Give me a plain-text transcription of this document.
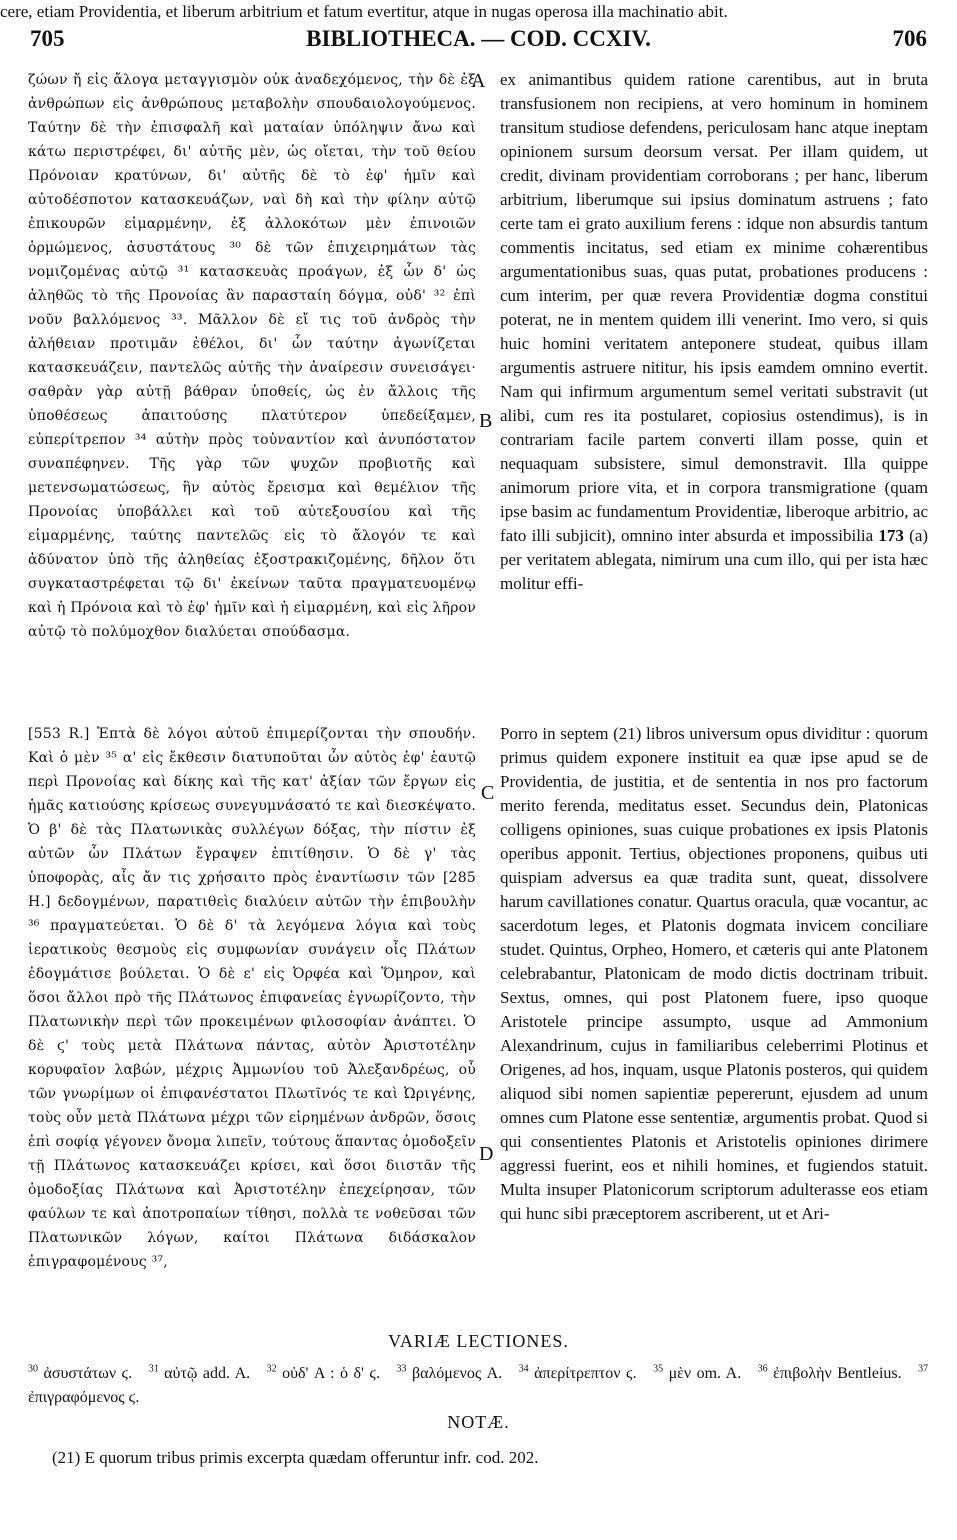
705	BIBLIOTHECA. — COD. CCXIV.	706
A
B
C
D

ζώων ἤ εἰς ἄλογα μεταγγισμὸν οὐκ ἀναδεχόμενος, τὴν δὲ ἐξ ἀνθρώπων εἰς ἀνθρώπους μεταβολὴν σπουδαιολογούμενος. Ταύτην δὲ τὴν ἐπισφαλῆ καὶ ματαίαν ὑπόληψιν ἄνω καὶ κάτω περιστρέφει, δι' αὐτῆς μὲν, ὡς οἴεται, τὴν τοῦ θείου Πρόνοιαν κρατύνων, δι' αὐτῆς δὲ τὸ ἐφ' ἡμῖν καὶ αὐτοδέσποτον κατασκευάζων, ναὶ δὴ καὶ τὴν φίλην αὐτῷ ἐπικουρῶν εἱμαρμένην, ἐξ ἀλλοκότων μὲν ἐπινοιῶν ὁρμώμενος, ἀσυστάτους ³⁰ δὲ τῶν ἐπιχειρημάτων τὰς νομιζομένας αὐτῷ ³¹ κατασκευὰς προάγων, ἐξ ὧν δ' ὡς ἀληθῶς τὸ τῆς Προνοίας ἂν παρασταίη δόγμα, οὐδ' ³² ἐπὶ νοῦν βαλλόμενος ³³. Μᾶλλον δὲ εἴ τις τοῦ ἀνδρὸς τὴν ἀλήθειαν προτιμᾶν ἐθέλοι, δι' ὧν ταύτην ἀγωνίζεται κατασκευάζειν, παντελῶς αὐτῆς τὴν ἀναίρεσιν συνεισάγει· σαθρὰν γὰρ αὐτῇ βάθραν ὑποθείς, ὡς ἐν ἄλλοις τῆς ὑποθέσεως ἀπαιτούσης πλατύτερον ὑπεδείξαμεν, εὐπερίτρεπον ³⁴ αὐτὴν πρὸς τοὐναντίον καὶ ἀνυπόστατον συναπέφηνεν. Τῆς γὰρ τῶν ψυχῶν προβιοτῆς καὶ μετενσωματώσεως, ἣν αὐτὸς ἔρεισμα καὶ θεμέλιον τῆς Προνοίας ὑποβάλλει καὶ τοῦ αὐτεξουσίου καὶ τῆς εἱμαρμένης, ταύτης παντελῶς εἰς τὸ ἄλογόν τε καὶ ἀδύνατον ὑπὸ τῆς ἀληθείας ἐξοστρακιζομένης, δῆλον ὅτι συγκαταστρέφεται τῷ δι' ἐκείνων ταῦτα πραγματευομένῳ καὶ ἡ Πρόνοια καὶ τὸ ἐφ' ἡμῖν καὶ ἡ εἱμαρμένη, καὶ εἰς λῆρον αὐτῷ τὸ πολύμοχθον διαλύεται σπούδασμα.

ex animantibus quidem ratione carentibus, aut in bruta transfusionem non recipiens, at vero hominum in hominem transitum studiose defendens, periculosam hanc atque ineptam opinionem sursum deorsum versat. Per illam quidem, ut credit, divinam providentiam corroborans ; per hanc, liberum arbitrium, liberumque sui ipsius dominatum astruens ; fato certe tam ei grato auxilium ferens : idque non absurdis tantum commentis incitatus, sed etiam ex minime cohærentibus argumentationibus suas, quas putat, probationes producens : cum interim, per quæ revera Providentiæ dogma constitui poterat, ne in mentem quidem illi venerint. Imo vero, si quis huic homini veritatem anteponere studeat, quibus illam argumentis astruere nititur, his ipsis eamdem omnino evertit. Nam qui infirmum argumentum semel veritati substravit (ut alibi, cum res ita postularet, copiosius ostendimus), is in contrariam facile partem converti illam posse, quin et nequaquam subsistere, simul demonstravit. Illa quippe animorum priore vita, et in corpora transmigratione (quam ipse basim ac fundamentum Providentiæ, liberoque arbitrio, ac fato illi subjicit), omnino inter absurda et impossibilia 173 (a) per veritatem ablegata, nimirum una cum illo, qui per ista hæc molitur effi-

cere, etiam Providentia, et liberum arbitrium et fatum evertitur, atque in nugas operosa illa machinatio abit.

[553 R.] Ἑπτὰ δὲ λόγοι αὐτοῦ ἐπιμερίζονται τὴν σπουδήν. Καὶ ὁ μὲν ³⁵ α' εἰς ἔκθεσιν διατυποῦται ὧν αὐτὸς ἐφ' ἑαυτῷ περὶ Προνοίας καὶ δίκης καὶ τῆς κατ' ἀξίαν τῶν ἔργων εἰς ἡμᾶς κατιούσης κρίσεως συνεγυμνάσατό τε καὶ διεσκέψατο. Ὁ β' δὲ τὰς Πλατωνικὰς συλλέγων δόξας, τὴν πίστιν ἐξ αὐτῶν ὧν Πλάτων ἔγραψεν ἐπιτίθησιν. Ὁ δὲ γ' τὰς ὑποφορὰς, αἷς ἄν τις χρήσαιτο πρὸς ἐναντίωσιν τῶν [285 Η.] δεδογμένων, παρατιθεὶς διαλύειν αὐτῶν τὴν ἐπιβουλὴν ³⁶ πραγματεύεται. Ὁ δὲ δ' τὰ λεγόμενα λόγια καὶ τοὺς ἱερατικοὺς θεσμοὺς εἰς συμφωνίαν συνάγειν οἷς Πλάτων ἐδογμάτισε βούλεται. Ὁ δὲ ε' εἰς Ὀρφέα καὶ Ὅμηρον, καὶ ὅσοι ἄλλοι πρὸ τῆς Πλάτωνος ἐπιφανείας ἐγνωρίζοντο, τὴν Πλατωνικὴν περὶ τῶν προκειμένων φιλοσοφίαν ἀνάπτει. Ὁ δὲ ϛ' τοὺς μετὰ Πλάτωνα πάντας, αὐτὸν Ἀριστοτέλην κορυφαῖον λαβών, μέχρις Ἀμμωνίου τοῦ Ἀλεξανδρέως, οὗ τῶν γνωρίμων οἱ ἐπιφανέστατοι Πλωτῖνός τε καὶ Ὠριγένης, τοὺς οὖν μετὰ Πλάτωνα μέχρι τῶν εἰρημένων ἀνδρῶν, ὅσοις ἐπὶ σοφίᾳ γέγονεν ὄνομα λιπεῖν, τούτους ἅπαντας ὁμοδοξεῖν τῇ Πλάτωνος κατασκευάζει κρίσει, καὶ ὅσοι διιστᾶν τῆς ὁμοδοξίας Πλάτωνα καὶ Ἀριστοτέλην ἐπεχείρησαν, τῶν φαύλων τε καὶ ἀποτροπαίων τίθησι, πολλὰ τε νοθεῦσαι τῶν Πλατωνικῶν λόγων, καίτοι Πλάτωνα διδάσκαλον ἐπιγραφομένους ³⁷,

Porro in septem (21) libros universum opus dividitur : quorum primus quidem exponere instituit ea quæ ipse apud se de Providentia, de justitia, et de sententia in nos pro factorum merito ferenda, meditatus esset. Secundus dein, Platonicas colligens opiniones, suas cuique probationes ex ipsis Platonis operibus apponit. Tertius, objectiones proponens, quibus uti quispiam adversus ea quæ tradita sunt, queat, dissolvere harum cavillationes conatur. Quartus oracula, quæ vocantur, ac sacerdotum leges, et Platonis dogmata invicem conciliare studet. Quintus, Orpheo, Homero, et cæteris qui ante Platonem celebrabantur, Platonicam de modo dictis doctrinam tribuit. Sextus, omnes, qui post Platonem fuere, ipso quoque Aristotele principe assumpto, usque ad Ammonium Alexandrinum, cujus in familiaribus celeberrimi Plotinus et Origenes, ad hos, inquam, usque Platonis posteros, qui quidem aliquod sibi nomen sapientiæ pepererunt, ejusdem ad unum omnes cum Platone esse sententiæ, argumentis probat. Quod si qui consentientes Platonis et Aristotelis opiniones dirimere aggressi fuerint, eos et nihili homines, et fugiendos statuit. Multa insuper Platonicorum scriptorum adulterasse eos etiam qui hunc sibi præceptorem ascriberent, ut et Ari-

VARIÆ LECTIONES.
$^{30}$ ἀσυστάτων ϛ. $^{31}$ αὐτῷ add. A. $^{32}$ οὐδ' A : ὁ δ' ϛ. $^{33}$ βαλόμενος A. $^{34}$ ἀπερίτρεπτον ϛ. $^{35}$ μὲν om. A. $^{36}$ ἐπιβολὴν Bentleius. $^{37}$ ἐπιγραφόμενος ϛ.
NOTÆ.
(21) E quorum tribus primis excerpta quædam offeruntur infr. cod. 202.
